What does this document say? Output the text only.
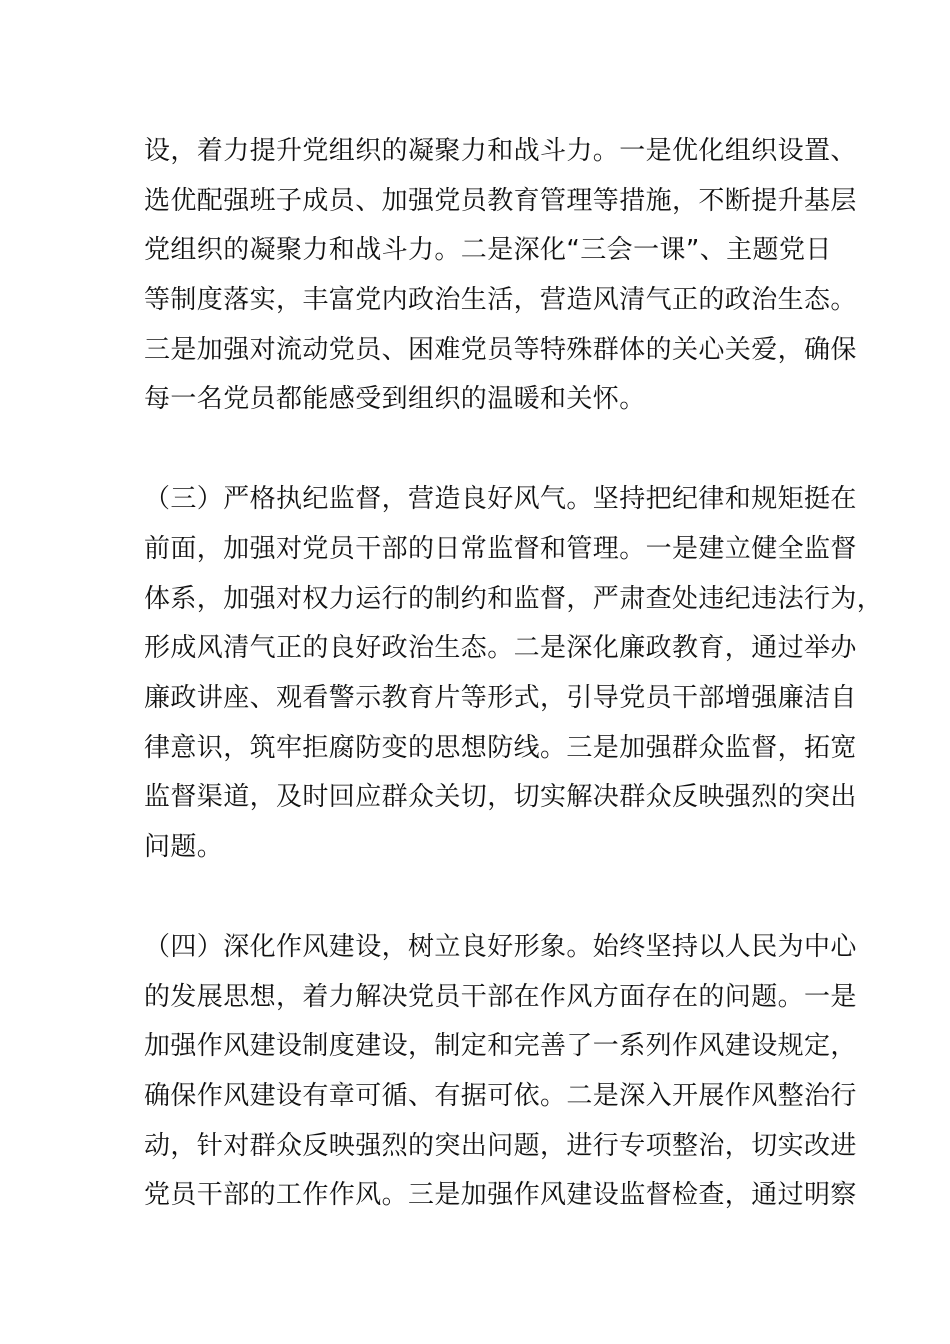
设，着力提升党组织的凝聚力和战斗力。一是优化组织设置、
选优配强班子成员、加强党员教育管理等措施，不断提升基层
党组织的凝聚力和战斗力。二是深化“三会一课”、主题党日
等制度落实，丰富党内政治生活，营造风清气正的政治生态。
三是加强对流动党员、困难党员等特殊群体的关心关爱，确保
每一名党员都能感受到组织的温暖和关怀。
（三）严格执纪监督，营造良好风气。坚持把纪律和规矩挺在
前面，加强对党员干部的日常监督和管理。一是建立健全监督
体系，加强对权力运行的制约和监督，严肃查处违纪违法行为，
形成风清气正的良好政治生态。二是深化廉政教育，通过举办
廉政讲座、观看警示教育片等形式，引导党员干部增强廉洁自
律意识，筑牢拒腐防变的思想防线。三是加强群众监督，拓宽
监督渠道，及时回应群众关切，切实解决群众反映强烈的突出
问题。
（四）深化作风建设，树立良好形象。始终坚持以人民为中心
的发展思想，着力解决党员干部在作风方面存在的问题。一是
加强作风建设制度建设，制定和完善了一系列作风建设规定，
确保作风建设有章可循、有据可依。二是深入开展作风整治行
动，针对群众反映强烈的突出问题，进行专项整治，切实改进
党员干部的工作作风。三是加强作风建设监督检查，通过明察
